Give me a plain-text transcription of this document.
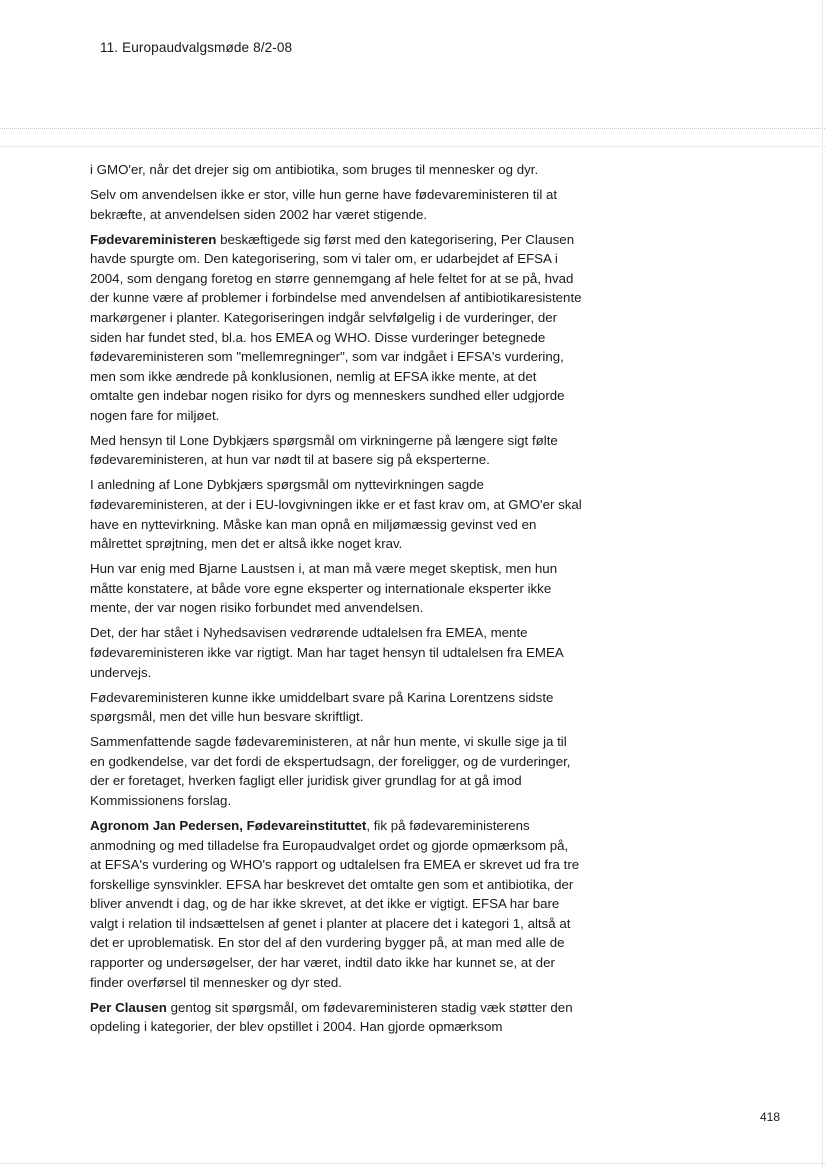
11. Europaudvalgsmøde 8/2-08

i GMO'er, når det drejer sig om antibiotika, som bruges til mennesker og dyr.

Selv om anvendelsen ikke er stor, ville hun gerne have fødevareministeren til at bekræfte, at anvendelsen siden 2002 har været stigende.

Fødevareministeren beskæftigede sig først med den kategorisering, Per Clausen havde spurgte om. Den kategorisering, som vi taler om, er udarbejdet af EFSA i 2004, som dengang foretog en større gennemgang af hele feltet for at se på, hvad der kunne være af problemer i forbindelse med anvendelsen af antibiotikaresistente markørgener i planter. Kategoriseringen indgår selvfølgelig i de vurderinger, der siden har fundet sted, bl.a. hos EMEA og WHO. Disse vurderinger betegnede fødevareministeren som "mellemregninger", som var indgået i EFSA's vurdering, men som ikke ændrede på konklusionen, nemlig at EFSA ikke mente, at det omtalte gen indebar nogen risiko for dyrs og menneskers sundhed eller udgjorde nogen fare for miljøet.

Med hensyn til Lone Dybkjærs spørgsmål om virkningerne på længere sigt følte fødevareministeren, at hun var nødt til at basere sig på eksperterne.

I anledning af Lone Dybkjærs spørgsmål om nyttevirkningen sagde fødevareministeren, at der i EU-lovgivningen ikke er et fast krav om, at GMO'er skal have en nyttevirkning. Måske kan man opnå en miljømæssig gevinst ved en målrettet sprøjtning, men det er altså ikke noget krav.

Hun var enig med Bjarne Laustsen i, at man må være meget skeptisk, men hun måtte konstatere, at både vore egne eksperter og internationale eksperter ikke mente, der var nogen risiko forbundet med anvendelsen.

Det, der har stået i Nyhedsavisen vedrørende udtalelsen fra EMEA, mente fødevareministeren ikke var rigtigt. Man har taget hensyn til udtalelsen fra EMEA undervejs.

Fødevareministeren kunne ikke umiddelbart svare på Karina Lorentzens sidste spørgsmål, men det ville hun besvare skriftligt.

Sammenfattende sagde fødevareministeren, at når hun mente, vi skulle sige ja til en godkendelse, var det fordi de ekspertudsagn, der foreligger, og de vurderinger, der er foretaget, hverken fagligt eller juridisk giver grundlag for at gå imod Kommissionens forslag.

Agronom Jan Pedersen, Fødevareinstituttet, fik på fødevareministerens anmodning og med tilladelse fra Europaudvalget ordet og gjorde opmærksom på, at EFSA's vurdering og WHO's rapport og udtalelsen fra EMEA er skrevet ud fra tre forskellige synsvinkler. EFSA har beskrevet det omtalte gen som et antibiotika, der bliver anvendt i dag, og de har ikke skrevet, at det ikke er vigtigt. EFSA har bare valgt i relation til indsættelsen af genet i planter at placere det i kategori 1, altså at det er uproblematisk. En stor del af den vurdering bygger på, at man med alle de rapporter og undersøgelser, der har været, indtil dato ikke har kunnet se, at der finder overførsel til mennesker og dyr sted.

Per Clausen gentog sit spørgsmål, om fødevareministeren stadig væk støtter den opdeling i kategorier, der blev opstillet i 2004. Han gjorde opmærksom

418
